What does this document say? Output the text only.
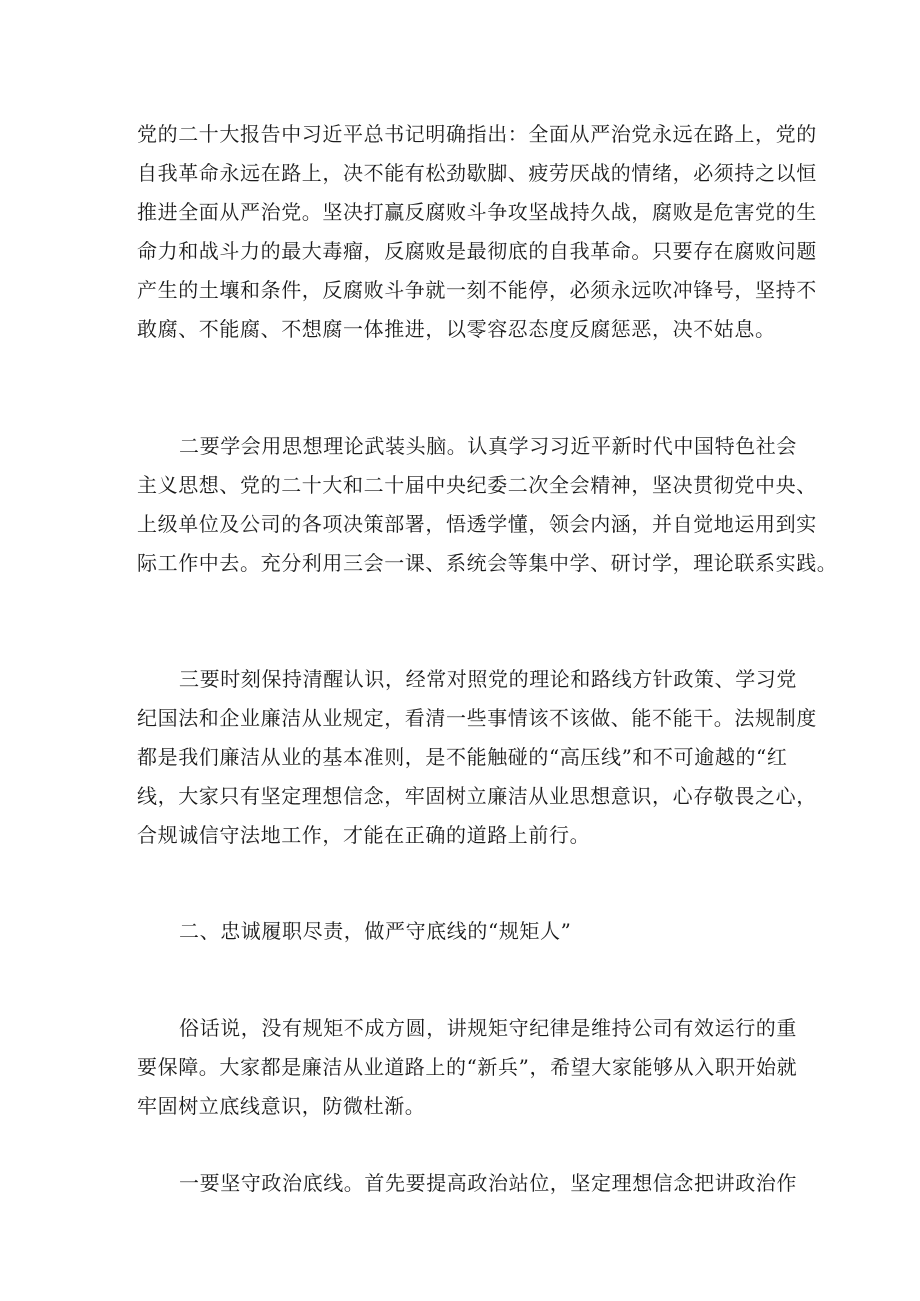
党的二十大报告中习近平总书记明确指出：全面从严治党永远在路上，党的
自我革命永远在路上，决不能有松劲歇脚、疲劳厌战的情绪，必须持之以恒
推进全面从严治党。坚决打赢反腐败斗争攻坚战持久战，腐败是危害党的生
命力和战斗力的最大毒瘤，反腐败是最彻底的自我革命。只要存在腐败问题
产生的土壤和条件，反腐败斗争就一刻不能停，必须永远吹冲锋号，坚持不
敢腐、不能腐、不想腐一体推进，以零容忍态度反腐惩恶，决不姑息。
二要学会用思想理论武装头脑。认真学习习近平新时代中国特色社会
主义思想、党的二十大和二十届中央纪委二次全会精神，坚决贯彻党中央、
上级单位及公司的各项决策部署，悟透学懂，领会内涵，并自觉地运用到实
际工作中去。充分利用三会一课、系统会等集中学、研讨学，理论联系实践。
三要时刻保持清醒认识，经常对照党的理论和路线方针政策、学习党
纪国法和企业廉洁从业规定，看清一些事情该不该做、能不能干。法规制度
都是我们廉洁从业的基本准则，是不能触碰的“高压线”和不可逾越的“红
线，大家只有坚定理想信念，牢固树立廉洁从业思想意识，心存敬畏之心，
合规诚信守法地工作，才能在正确的道路上前行。
二、忠诚履职尽责，做严守底线的“规矩人”
俗话说，没有规矩不成方圆，讲规矩守纪律是维持公司有效运行的重
要保障。大家都是廉洁从业道路上的“新兵”，希望大家能够从入职开始就
牢固树立底线意识，防微杜渐。
一要坚守政治底线。首先要提高政治站位，坚定理想信念把讲政治作
